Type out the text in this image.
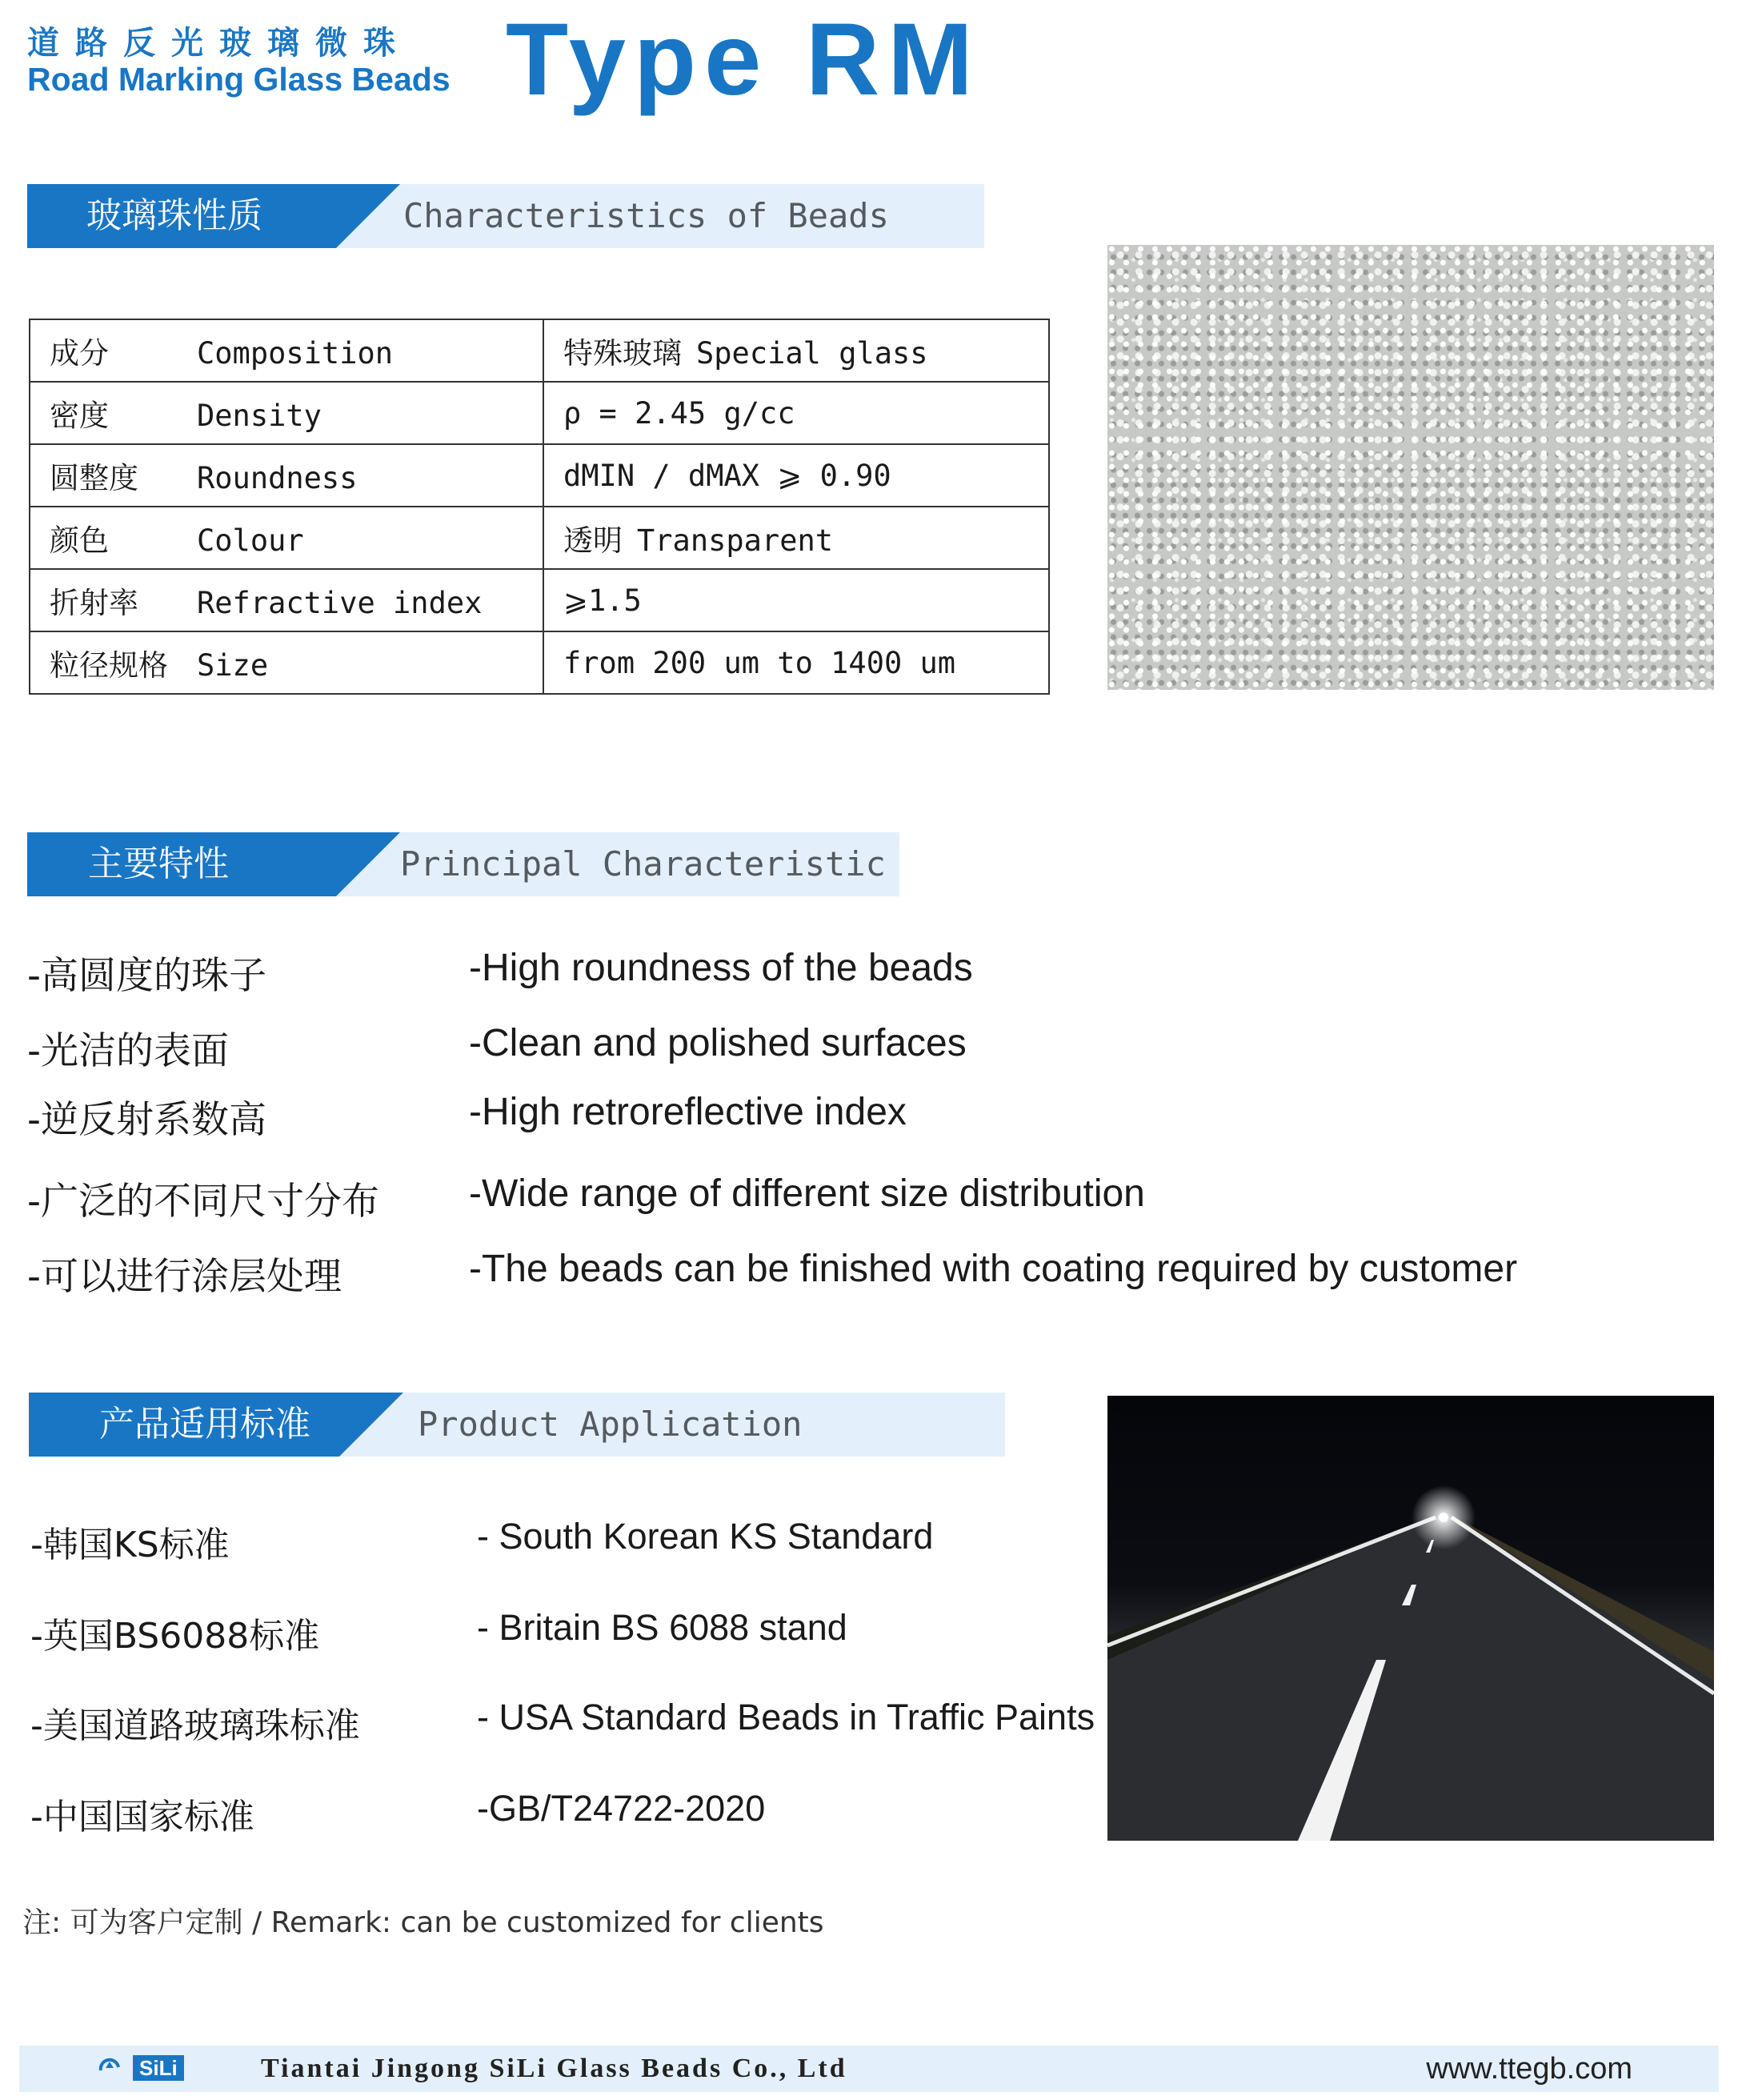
道路反光玻璃微珠
Road Marking Glass Beads Type RM
玻璃珠性质	Characteristics of Beads
成分 Composition	特殊玻璃 Special glass
密度 Density	ρ = 2.45 g/cc
圆整度 Roundness	dMIN / dMAX ⩾ 0.90
颜色 Colour	透明 Transparent
折射率 Refractive index	⩾1.5
粒径规格 Size	from 200 um to 1400 um
主要特性	Principal Characteristic
-高圆度的珠子	-High roundness of the beads
-光洁的表面	-Clean and polished surfaces
-逆反射系数高	-High retroreflective index
-广泛的不同尺寸分布 -Wide range of different size distribution
-可以进行涂层处理	-The beads can be finished with coating required by customer
产品适用标准	Product Application
-韩国KS标准	- South Korean KS Standard
-英国BS6088标准	- Britain BS 6088 stand
-美国道路玻璃珠标准	- USA Standard Beads in Traffic Paints
-中国国家标准	-GB/T24722-2020
注: 可为客户定制 / Remark: can be customized for clients
SiLi	Tiantai Jingong SiLi Glass Beads Co., Ltd	www.ttegb.com
